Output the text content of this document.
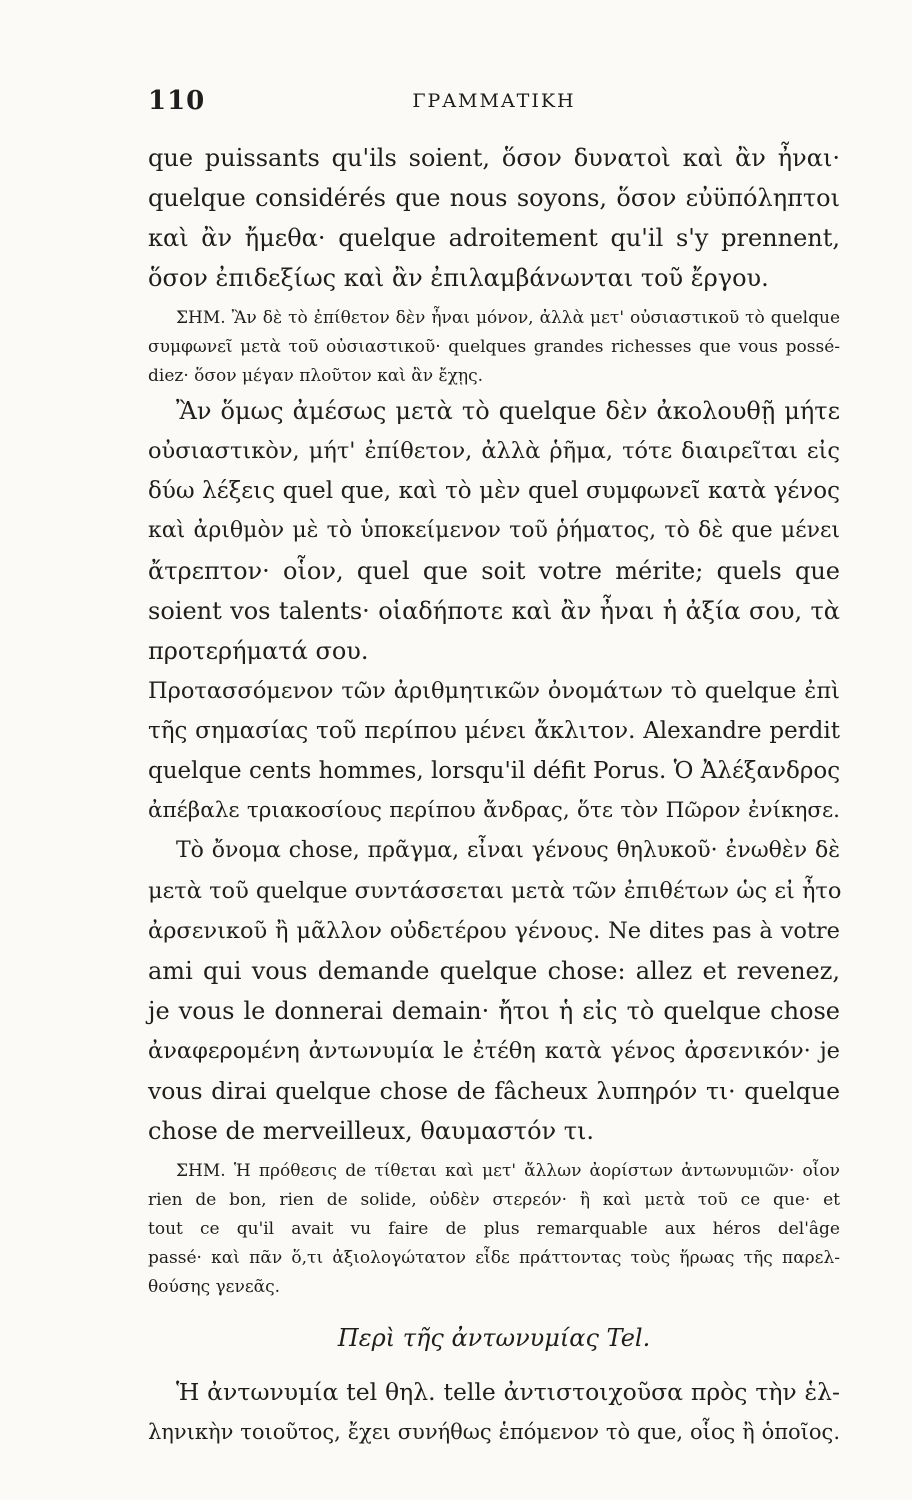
110	ΓΡΑΜΜΑΤΙΚΗ
que puissants qu'ils soient, ὅσον δυνατοὶ καὶ ἂν ἦναι·
quelque considérés que nous soyons, ὅσον εὐϋπόληπτοι
καὶ ἂν ἤμεθα· quelque adroitement qu'il s'y prennent,
ὅσον ἐπιδεξίως καὶ ἂν ἐπιλαμβάνωνται τοῦ ἔργου.
ΣΗΜ. Ἂν δὲ τὸ ἐπίθετον δὲν ἦναι μόνον, ἀλλὰ μετ' οὐσιαστικοῦ τὸ quelque
συμφωνεῖ μετὰ τοῦ οὐσιαστικοῦ· quelques grandes richesses que vous possé-
diez· ὅσον μέγαν πλοῦτον καὶ ἂν ἔχῃς.
Ἂν ὅμως ἀμέσως μετὰ τὸ quelque δὲν ἀκολουθῇ μήτε
οὐσιαστικὸν, μήτ' ἐπίθετον, ἀλλὰ ῥῆμα, τότε διαιρεῖται εἰς
δύω λέξεις quel que, καὶ τὸ μὲν quel συμφωνεῖ κατὰ γένος
καὶ ἀριθμὸν μὲ τὸ ὑποκείμενον τοῦ ῥήματος, τὸ δὲ que μένει
ἄτρεπτον· οἷον, quel que soit votre mérite; quels que
soient vos talents· οἱαδήποτε καὶ ἂν ἦναι ἡ ἀξία σου, τὰ
προτερήματά σου.
Προτασσόμενον τῶν ἀριθμητικῶν ὀνομάτων τὸ quelque ἐπὶ
τῆς σημασίας τοῦ περίπου μένει ἄκλιτον. Alexandre perdit
quelque cents hommes, lorsqu'il défit Porus. Ὁ Ἀλέξανδρος
ἀπέβαλε τριακοσίους περίπου ἄνδρας, ὅτε τὸν Πῶρον ἐνίκησε.
Τὸ ὄνομα chose, πρᾶγμα, εἶναι γένους θηλυκοῦ· ἐνωθὲν δὲ
μετὰ τοῦ quelque συντάσσεται μετὰ τῶν ἐπιθέτων ὡς εἰ ἦτο
ἀρσενικοῦ ἢ μᾶλλον οὐδετέρου γένους. Ne dites pas à votre
ami qui vous demande quelque chose: allez et revenez,
je vous le donnerai demain· ἤτοι ἡ εἰς τὸ quelque chose
ἀναφερομένη ἀντωνυμία le ἐτέθη κατὰ γένος ἀρσενικόν· je
vous dirai quelque chose de fâcheux λυπηρόν τι· quelque
chose de merveilleux, θαυμαστόν τι.
ΣΗΜ. Ἡ πρόθεσις de τίθεται καὶ μετ' ἄλλων ἀορίστων ἀντωνυμιῶν· οἷον
rien de bon, rien de solide, οὐδὲν στερεόν· ἢ καὶ μετὰ τοῦ ce que· et
tout ce qu'il avait vu faire de plus remarquable aux héros del'âge
passé· καὶ πᾶν ὅ,τι ἀξιολογώτατον εἶδε πράττοντας τοὺς ἥρωας τῆς παρελ-
θούσης γενεᾶς.
Περὶ τῆς ἀντωνυμίας Tel.
Ἡ ἀντωνυμία tel θηλ. telle ἀντιστοιχοῦσα πρὸς τὴν ἑλ-
ληνικὴν τοιοῦτος, ἔχει συνήθως ἑπόμενον τὸ que, οἷος ἢ ὁποῖος.
